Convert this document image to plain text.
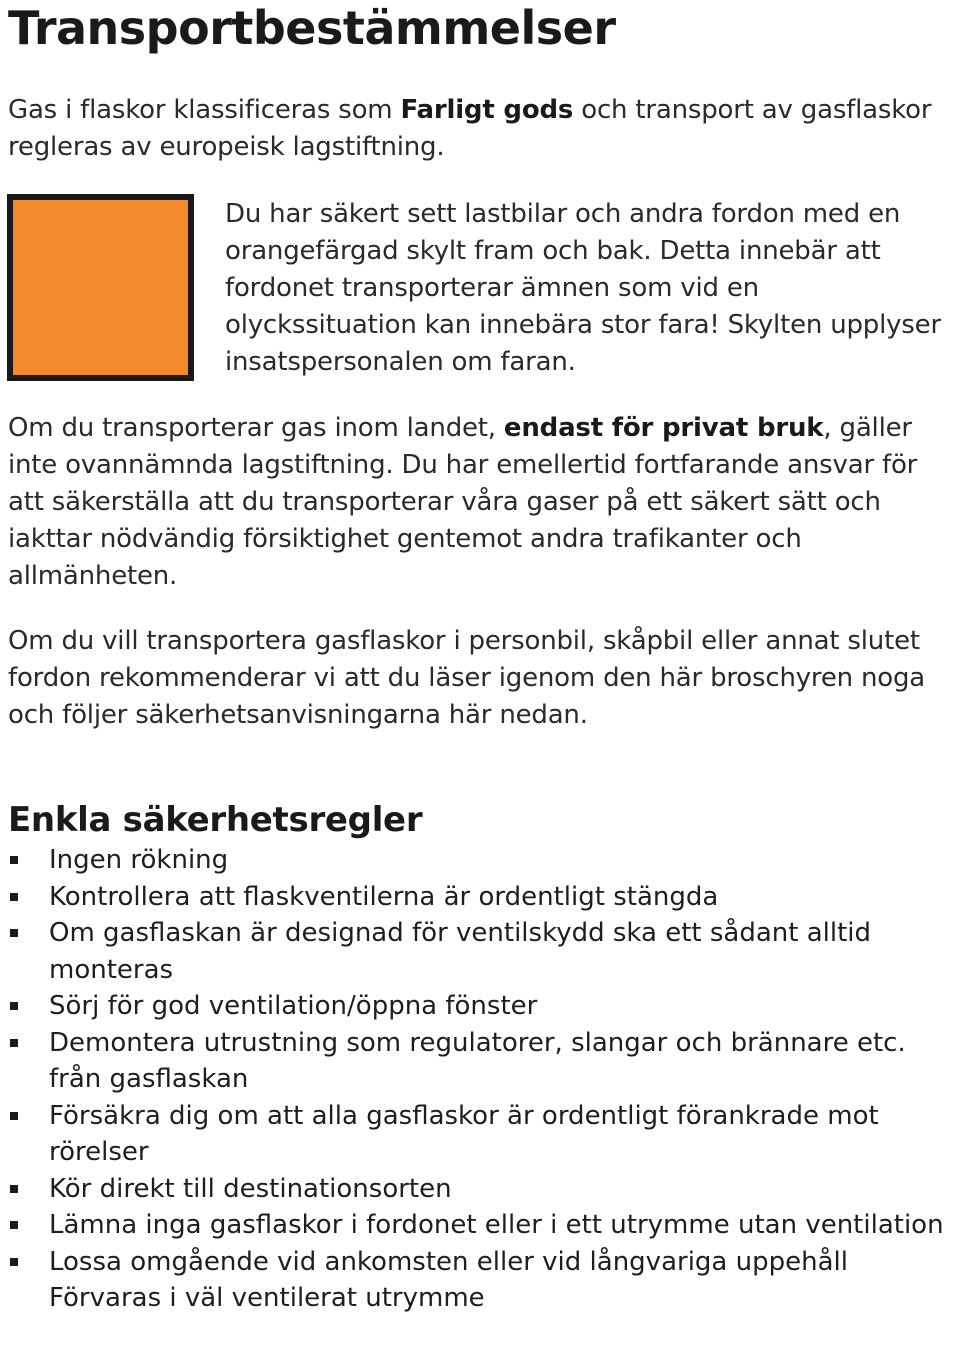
Transportbestämmelser

Gas i flaskor klassificeras som Farligt gods och transport av gasflaskor regleras av europeisk lagstiftning.

Du har säkert sett lastbilar och andra fordon med en orangefärgad skylt fram och bak. Detta innebär att fordonet transporterar ämnen som vid en olyckssituation kan innebära stor fara! Skylten upplyser insatspersonalen om faran.

Om du transporterar gas inom landet, endast för privat bruk, gäller inte ovannämnda lagstiftning. Du har emellertid fortfarande ansvar för att säkerställa att du transporterar våra gaser på ett säkert sätt och iakttar nödvändig försiktighet gentemot andra trafikanter och allmänheten.

Om du vill transportera gasflaskor i personbil, skåpbil eller annat slutet fordon rekommenderar vi att du läser igenom den här broschyren noga och följer säkerhetsanvisningarna här nedan.

Enkla säkerhetsregler
Ingen rökning
Kontrollera att flaskventilerna är ordentligt stängda
Om gasflaskan är designad för ventilskydd ska ett sådant alltid monteras
Sörj för god ventilation/öppna fönster
Demontera utrustning som regulatorer, slangar och brännare etc. från gasflaskan
Försäkra dig om att alla gasflaskor är ordentligt förankrade mot rörelser
Kör direkt till destinationsorten
Lämna inga gasflaskor i fordonet eller i ett utrymme utan ventilation
Lossa omgående vid ankomsten eller vid långvariga uppehåll
Förvaras i väl ventilerat utrymme
